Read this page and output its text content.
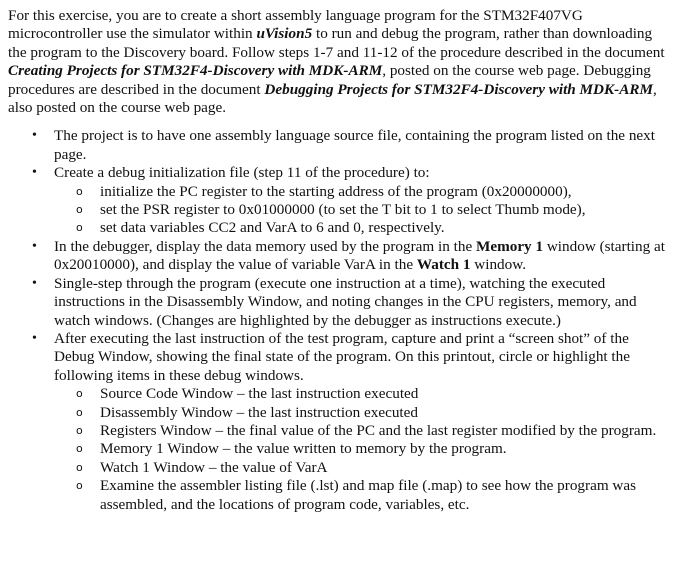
For this exercise, you are to create a short assembly language program for the STM32F407VG microcontroller use the simulator within uVision5 to run and debug the program, rather than downloading the program to the Discovery board. Follow steps 1-7 and 11-12 of the procedure described in the document Creating Projects for STM32F4-Discovery with MDK-ARM, posted on the course web page. Debugging procedures are described in the document Debugging Projects for STM32F4-Discovery with MDK-ARM, also posted on the course web page.

• The project is to have one assembly language source file, containing the program listed on the next page.
• Create a debug initialization file (step 11 of the procedure) to:
o initialize the PC register to the starting address of the program (0x20000000),
o set the PSR register to 0x01000000 (to set the T bit to 1 to select Thumb mode),
o set data variables CC2 and VarA to 6 and 0, respectively.
• In the debugger, display the data memory used by the program in the Memory 1 window (starting at 0x20010000), and display the value of variable VarA in the Watch 1 window.
• Single-step through the program (execute one instruction at a time), watching the executed instructions in the Disassembly Window, and noting changes in the CPU registers, memory, and watch windows. (Changes are highlighted by the debugger as instructions execute.)
• After executing the last instruction of the test program, capture and print a “screen shot” of the Debug Window, showing the final state of the program. On this printout, circle or highlight the following items in these debug windows.
o Source Code Window – the last instruction executed
o Disassembly Window – the last instruction executed
o Registers Window – the final value of the PC and the last register modified by the program.
o Memory 1 Window – the value written to memory by the program.
o Watch 1 Window – the value of VarA
o Examine the assembler listing file (.lst) and map file (.map) to see how the program was assembled, and the locations of program code, variables, etc.
